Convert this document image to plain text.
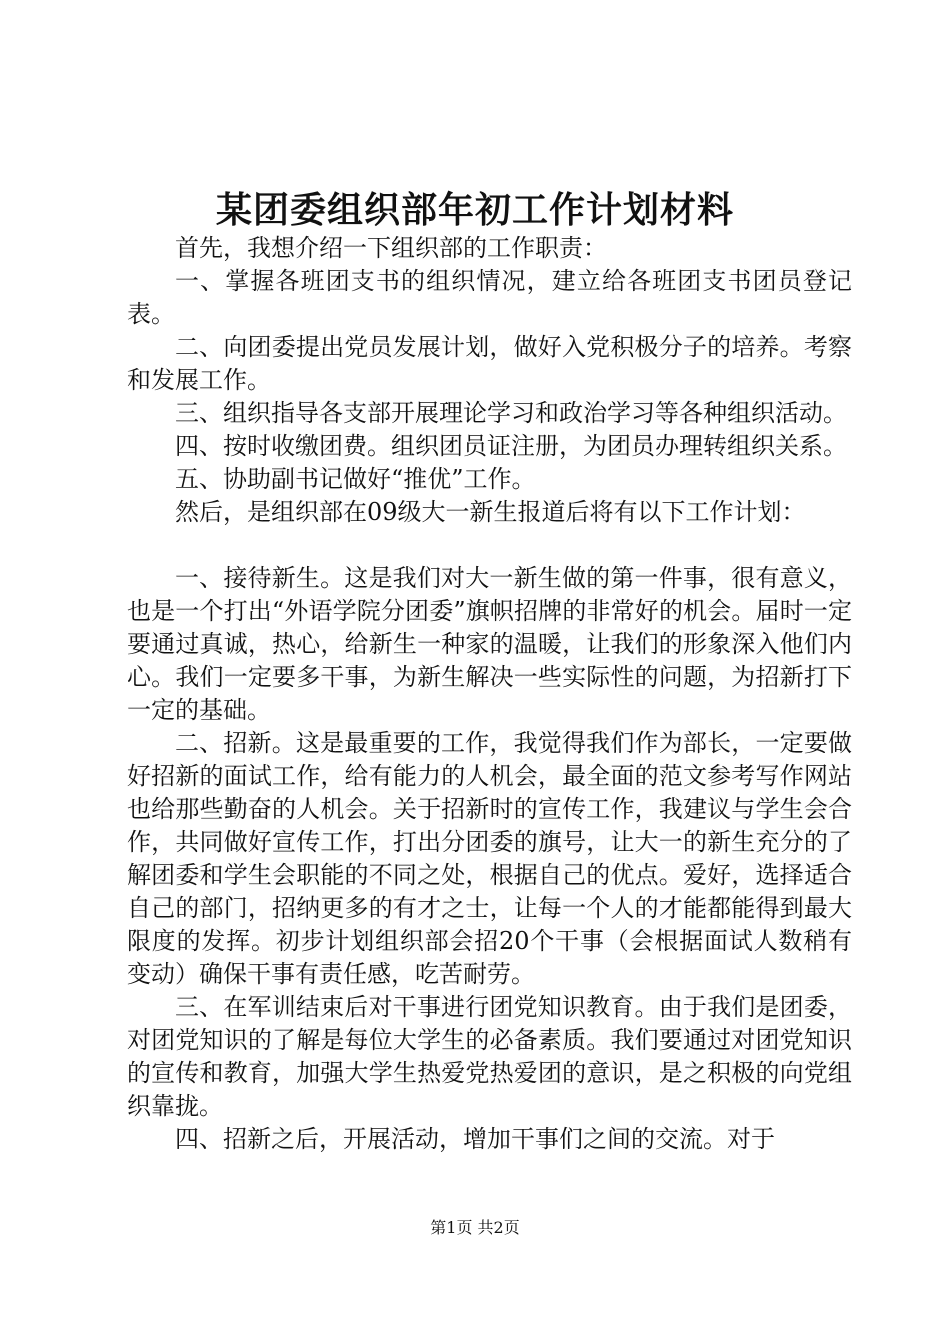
某团委组织部年初工作计划材料

首先，我想介绍一下组织部的工作职责：

一、掌握各班团支书的组织情况，建立给各班团支书团员登记表。

二、向团委提出党员发展计划，做好入党积极分子的培养。考察和发展工作。

三、组织指导各支部开展理论学习和政治学习等各种组织活动。

四、按时收缴团费。组织团员证注册，为团员办理转组织关系。

五、协助副书记做好“推优”工作。

然后，是组织部在09级大一新生报道后将有以下工作计划：

一、接待新生。这是我们对大一新生做的第一件事，很有意义，也是一个打出“外语学院分团委”旗帜招牌的非常好的机会。届时一定要通过真诚，热心，给新生一种家的温暖，让我们的形象深入他们内心。我们一定要多干事，为新生解决一些实际性的问题，为招新打下一定的基础。

二、招新。这是最重要的工作，我觉得我们作为部长，一定要做好招新的面试工作，给有能力的人机会，最全面的范文参考写作网站也给那些勤奋的人机会。关于招新时的宣传工作，我建议与学生会合作，共同做好宣传工作，打出分团委的旗号，让大一的新生充分的了解团委和学生会职能的不同之处，根据自己的优点。爱好，选择适合自己的部门，招纳更多的有才之士，让每一个人的才能都能得到最大限度的发挥。初步计划组织部会招20个干事（会根据面试人数稍有变动）确保干事有责任感，吃苦耐劳。

三、在军训结束后对干事进行团党知识教育。由于我们是团委，对团党知识的了解是每位大学生的必备素质。我们要通过对团党知识的宣传和教育，加强大学生热爱党热爱团的意识，是之积极的向党组织靠拢。

四、招新之后，开展活动，增加干事们之间的交流。对于

第1页 共2页
